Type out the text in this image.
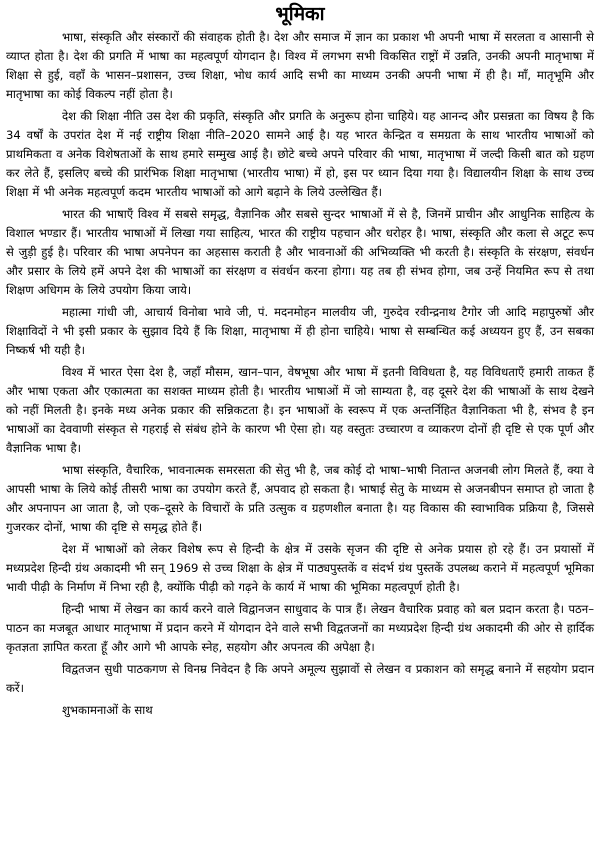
भूमिका

भाषा, संस्कृति और संस्कारों की संवाहक होती है। देश और समाज में ज्ञान का प्रकाश भी अपनी भाषा में सरलता व आसानी से व्याप्त होता है। देश की प्रगति में भाषा का महत्वपूर्ण योगदान है। विश्व में लगभग सभी विकसित राष्ट्रों में उन्नति, उनकी अपनी मातृभाषा में शिक्षा से हुई, वहाँ के भासन–प्रशासन, उच्च शिक्षा, भोध कार्य आदि सभी का माध्यम उनकी अपनी भाषा में ही है। माँ, मातृभूमि और मातृभाषा का कोई विकल्प नहीं होता है।

देश की शिक्षा नीति उस देश की प्रकृति, संस्कृति और प्रगति के अनुरूप होना चाहिये। यह आनन्द और प्रसन्नता का विषय है कि 34 वर्षों के उपरांत देश में नई राष्ट्रीय शिक्षा नीति–2020 सामने आई है। यह भारत केन्द्रित व समग्रता के साथ भारतीय भाषाओं को प्राथमिकता व अनेक विशेषताओं के साथ हमारे सम्मुख आई है। छोटे बच्चे अपने परिवार की भाषा, मातृभाषा में जल्दी किसी बात को ग्रहण कर लेते हैं, इसलिए बच्चे की प्रारंभिक शिक्षा मातृभाषा (भारतीय भाषा) में हो, इस पर ध्यान दिया गया है। विद्यालयीन शिक्षा के साथ उच्च शिक्षा में भी अनेक महत्वपूर्ण कदम भारतीय भाषाओं को आगे बढ़ाने के लिये उल्लेखित हैं।

भारत की भाषाएँ विश्व में सबसे समृद्ध, वैज्ञानिक और सबसे सुन्दर भाषाओं में से है, जिनमें प्राचीन और आधुनिक साहित्य के विशाल भण्डार हैं। भारतीय भाषाओं में लिखा गया साहित्य, भारत की राष्ट्रीय पहचान और धरोहर है। भाषा, संस्कृति और कला से अटूट रूप से जुड़ी हुई है। परिवार की भाषा अपनेपन का अहसास कराती है और भावनाओं की अभिव्यक्ति भी करती है। संस्कृति के संरक्षण, संवर्धन और प्रसार के लिये हमें अपने देश की भाषाओं का संरक्षण व संवर्धन करना होगा। यह तब ही संभव होगा, जब उन्हें नियमित रूप से तथा शिक्षण अधिगम के लिये उपयोग किया जाये।

महात्मा गांधी जी, आचार्य विनोबा भावे जी, पं. मदनमोहन मालवीय जी, गुरुदेव रवीन्द्रनाथ टैगोर जी आदि महापुरुषों और शिक्षाविदों ने भी इसी प्रकार के सुझाव दिये हैं कि शिक्षा, मातृभाषा में ही होना चाहिये। भाषा से सम्बन्धित कई अध्ययन हुए हैं, उन सबका निष्कर्ष भी यही है।

विश्व में भारत ऐसा देश है, जहाँ मौसम, खान–पान, वेषभूषा और भाषा में इतनी विविधता है, यह विविधताएँ हमारी ताकत हैं और भाषा एकता और एकात्मता का सशक्त माध्यम होती है। भारतीय भाषाओं में जो साम्यता है, वह दूसरे देश की भाषाओं के साथ देखने को नहीं मिलती है। इनके मध्य अनेक प्रकार की सन्निकटता है। इन भाषाओं के स्वरूप में एक अन्तर्निहित वैज्ञानिकता भी है, संभव है इन भाषाओं का देववाणी संस्कृत से गहराई से संबंध होने के कारण भी ऐसा हो। यह वस्तुतः उच्चारण व व्याकरण दोनों ही दृष्टि से एक पूर्ण और वैज्ञानिक भाषा है।

भाषा संस्कृति, वैचारिक, भावनात्मक समरसता की सेतु भी है, जब कोई दो भाषा–भाषी नितान्त अजनबी लोग मिलते हैं, क्या वे आपसी भाषा के लिये कोई तीसरी भाषा का उपयोग करते हैं, अपवाद हो सकता है। भाषाई सेतु के माध्यम से अजनबीपन समाप्त हो जाता है और अपनापन आ जाता है, जो एक–दूसरे के विचारों के प्रति उत्सुक व ग्रहणशील बनाता है। यह विकास की स्वाभाविक प्रक्रिया है, जिससे गुजरकर दोनों, भाषा की दृष्टि से समृद्ध होते हैं।

देश में भाषाओं को लेकर विशेष रूप से हिन्दी के क्षेत्र में उसके सृजन की दृष्टि से अनेक प्रयास हो रहे हैं। उन प्रयासों में मध्यप्रदेश हिन्दी ग्रंथ अकादमी भी सन् 1969 से उच्च शिक्षा के क्षेत्र में पाठ्यपुस्तकें व संदर्भ ग्रंथ पुस्तकें उपलब्ध कराने में महत्वपूर्ण भूमिका भावी पीढ़ी के निर्माण में निभा रही है, क्योंकि पीढ़ी को गढ़ने के कार्य में भाषा की भूमिका महत्वपूर्ण होती है।

हिन्दी भाषा में लेखन का कार्य करने वाले विद्वानजन साधुवाद के पात्र हैं। लेखन वैचारिक प्रवाह को बल प्रदान करता है। पठन–पाठन का मजबूत आधार मातृभाषा में प्रदान करने में योगदान देने वाले सभी विद्वतजनों का मध्यप्रदेश हिन्दी ग्रंथ अकादमी की ओर से हार्दिक कृतज्ञता ज्ञापित करता हूँ और आगे भी आपके स्नेह, सहयोग और अपनत्व की अपेक्षा है।

विद्वतजन सुधी पाठकगण से विनम्र निवेदन है कि अपने अमूल्य सुझावों से लेखन व प्रकाशन को समृद्ध बनाने में सहयोग प्रदान करें।

शुभकामनाओं के साथ
